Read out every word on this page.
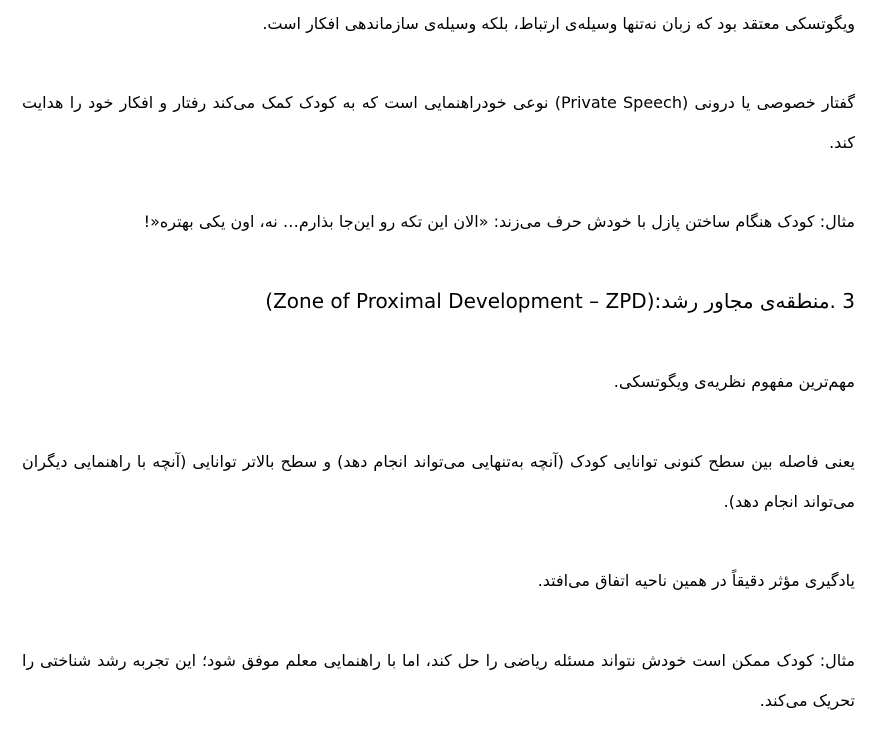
ویگوتسکی معتقد بود که زبان نه‌تنها وسیله‌ی ارتباط، بلکه وسیله‌ی سازماندهی افکار است.

گفتار خصوصی یا درونی (Private Speech) نوعی خودراهنمایی است که به کودک کمک می‌کند رفتار و افکار خود را هدایت کند.

مثال: کودک هنگام ساختن پازل با خودش حرف می‌زند: «الان این تکه رو این‌جا بذارم… نه، اون یکی بهتره«!

3 .منطقه‌ی مجاور رشد:(Zone of Proximal Development – ZPD)

مهم‌ترین مفهوم نظریه‌ی ویگوتسکی.

یعنی فاصله بین سطح کنونی توانایی کودک (آنچه به‌تنهایی می‌تواند انجام دهد) و سطح بالاتر توانایی (آنچه با راهنمایی دیگران می‌تواند انجام دهد).

یادگیری مؤثر دقیقاً در همین ناحیه اتفاق می‌افتد.

مثال: کودک ممکن است خودش نتواند مسئله ریاضی را حل کند، اما با راهنمایی معلم موفق شود؛ این تجربه رشد شناختی را تحریک می‌کند.
